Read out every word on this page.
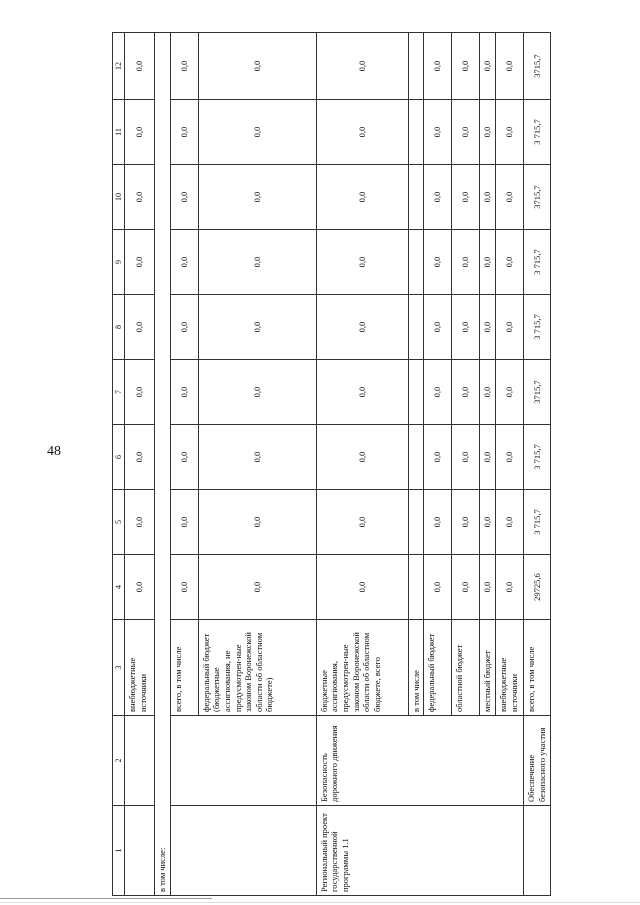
48
1	2	3	4	5	6	7	8	9	10	11	12
		внебюджетные источники	0,0	0,0	0,0	0,0	0,0	0,0	0,0	0,0	0,0
в том числе:											
		всего, в том числе	0,0	0,0	0,0	0,0	0,0	0,0	0,0	0,0	0,0
		федеральный бюджет (бюджетные ассигнования, не предусмотрен-ные законом Воронежской области об областном бюджете)	0,0	0,0	0,0	0,0	0,0	0,0	0,0	0,0	0,0
Региональный проект государственной программы 1.1	Безопасность дорожного движения	бюджетные ассигнования, предусмотрен-ные законом Воронежской области об областном бюджете, всего	0,0	0,0	0,0	0,0	0,0	0,0	0,0	0,0	0,0
		в том числе									
		федеральный бюджет	0,0	0,0	0,0	0,0	0,0	0,0	0,0	0,0	0,0
		областной бюджет	0,0	0,0	0,0	0,0	0,0	0,0	0,0	0,0	0,0
		местный бюджет	0,0	0,0	0,0	0,0	0,0	0,0	0,0	0,0	0,0
		внебюджетные источники	0,0	0,0	0,0	0,0	0,0	0,0	0,0	0,0	0,0
	Обеспечение безопасного участия	всего, в том числе	29725,6	3 715,7	3 715,7	3715,7	3 715,7	3 715,7	3715,7	3 715,7	3715,7
